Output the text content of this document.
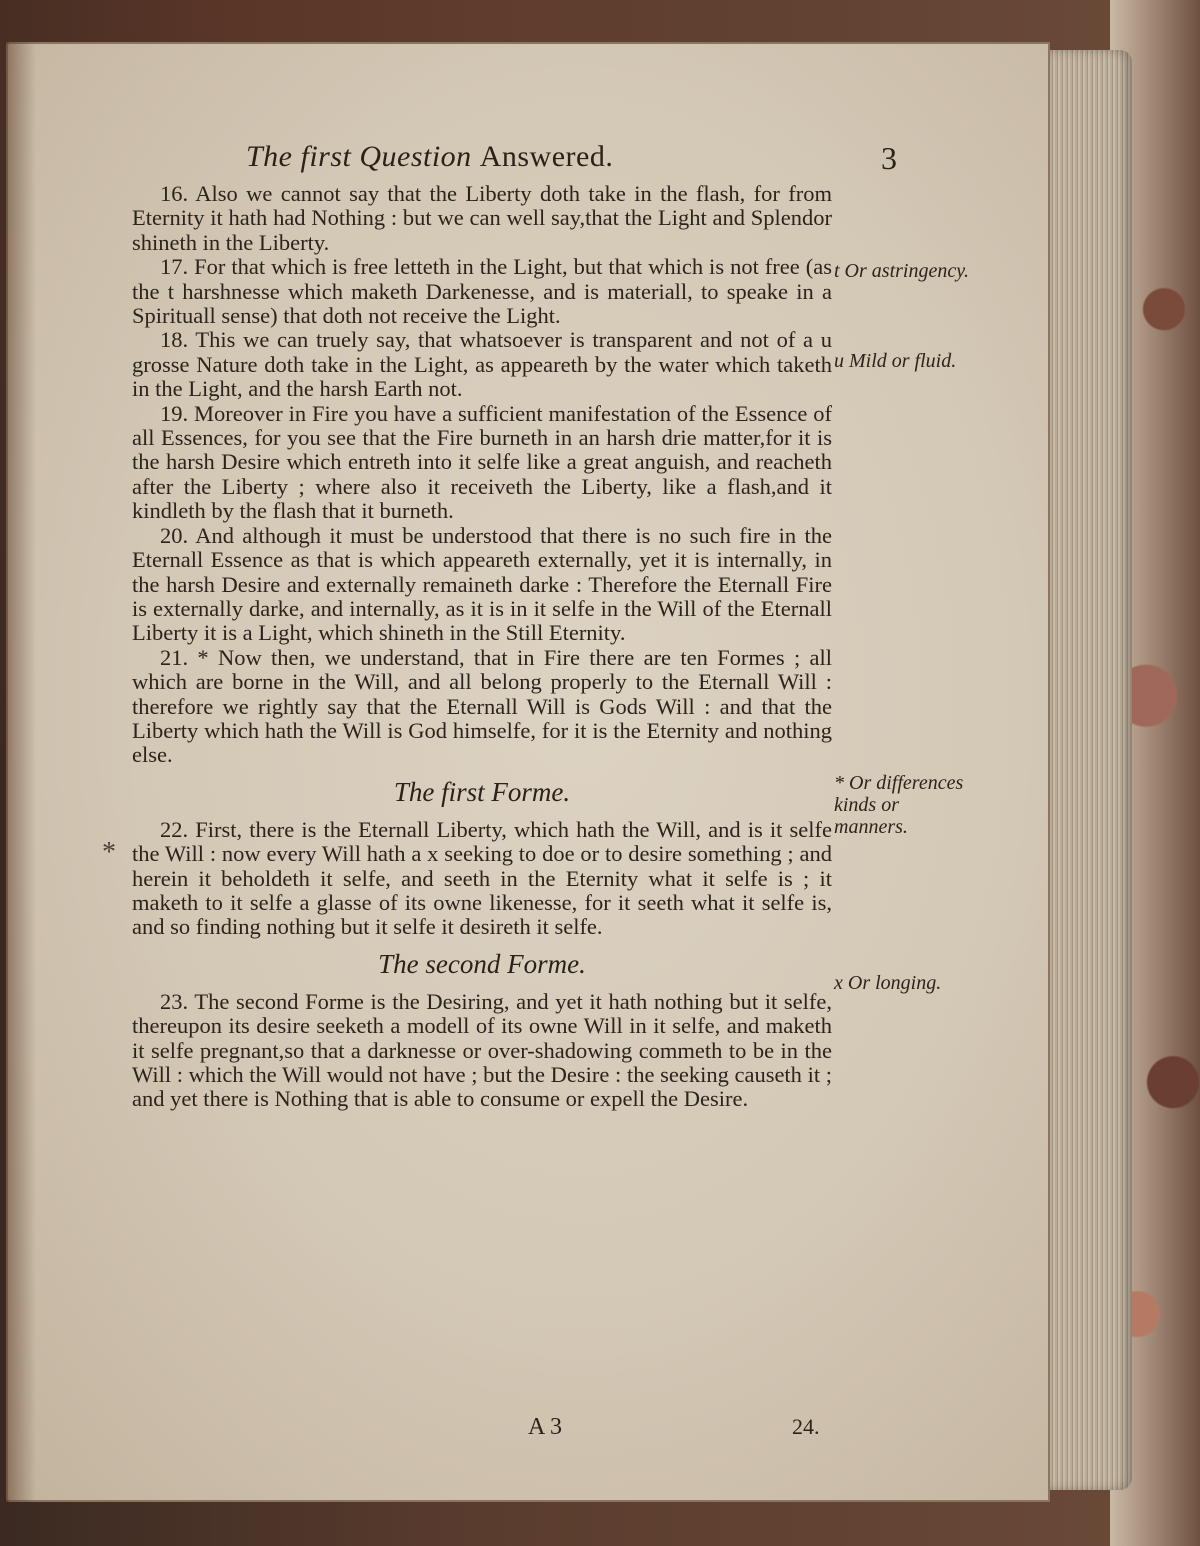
The first Question Answered.	3

16. Also we cannot say that the Liberty doth take in the flash, for from Eternity it hath had Nothing : but we can well say,that the Light and Splendor shineth in the Liberty.

17. For that which is free letteth in the Light, but that which is not free (as the t harshnesse which maketh Darkenesse, and is materiall, to speake in a Spirituall sense) that doth not receive the Light.

18. This we can truely say, that whatsoever is transparent and not of a u grosse Nature doth take in the Light, as appeareth by the water which taketh in the Light, and the harsh Earth not.

19. Moreover in Fire you have a sufficient manifestation of the Essence of all Essences, for you see that the Fire burneth in an harsh drie matter,for it is the harsh Desire which entreth into it selfe like a great anguish, and reacheth after the Liberty ; where also it receiveth the Liberty, like a flash,and it kindleth by the flash that it burneth.

20. And although it must be understood that there is no such fire in the Eternall Essence as that is which appeareth externally, yet it is internally, in the harsh Desire and externally remaineth darke : Therefore the Eternall Fire is externally darke, and internally, as it is in it selfe in the Will of the Eternall Liberty it is a Light, which shineth in the Still Eternity.

21. * Now then, we understand, that in Fire there are ten Formes ; all which are borne in the Will, and all belong properly to the Eternall Will : therefore we rightly say that the Eternall Will is Gods Will : and that the Liberty which hath the Will is God himselfe, for it is the Eternity and nothing else.

The first Forme.

22. First, there is the Eternall Liberty, which hath the Will, and is it selfe the Will : now every Will hath a x seeking to doe or to desire something ; and herein it beholdeth it selfe, and seeth in the Eternity what it selfe is ; it maketh to it selfe a glasse of its owne likenesse, for it seeth what it selfe is, and so finding nothing but it selfe it desireth it selfe.

The second Forme.

23. The second Forme is the Desiring, and yet it hath nothing but it selfe, thereupon its desire seeketh a modell of its owne Will in it selfe, and maketh it selfe pregnant,so that a darknesse or over-shadowing commeth to be in the Will : which the Will would not have ; but the Desire : the seeking causeth it ; and yet there is Nothing that is able to consume or expell the Desire.

t Or astringency.
u Mild or fluid.
* Or differences kinds or manners.
x Or longing.
*
A 3	24.
